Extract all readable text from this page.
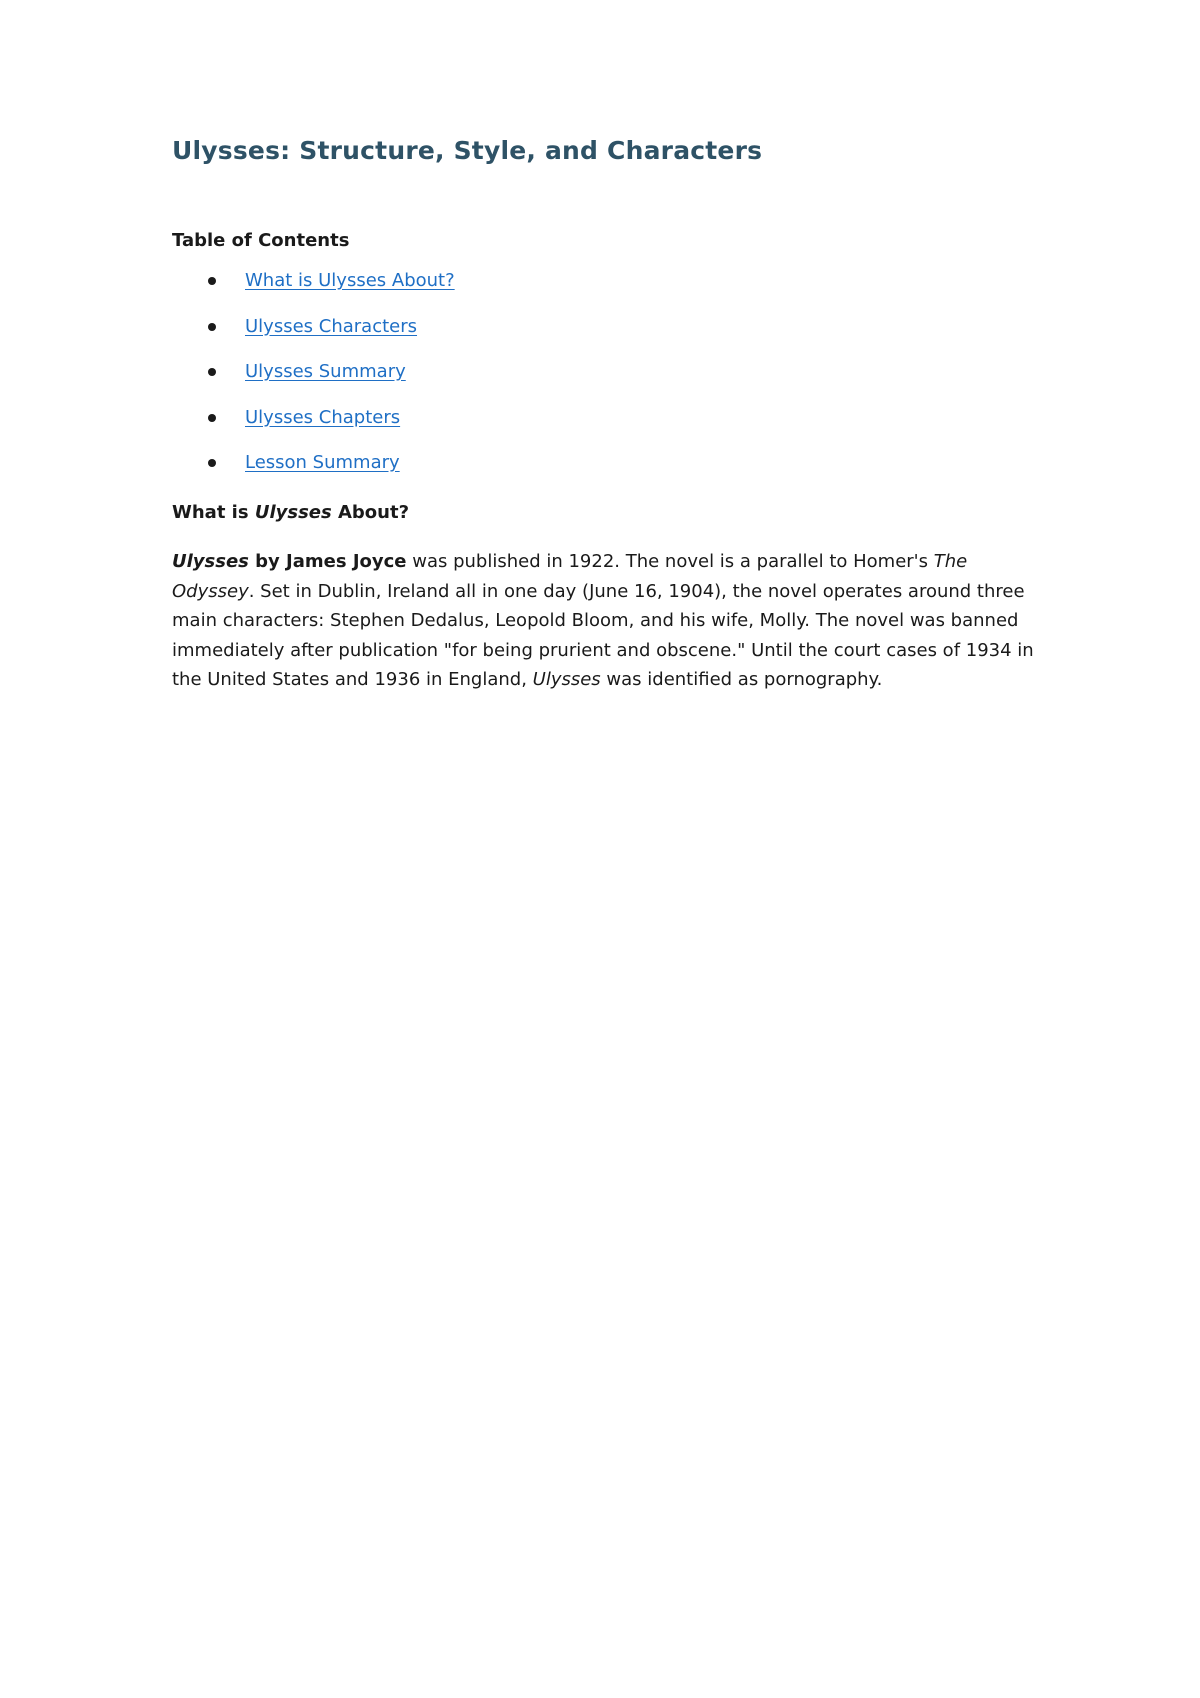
Ulysses: Structure, Style, and Characters
Table of Contents
What is Ulysses About?
Ulysses Characters
Ulysses Summary
Ulysses Chapters
Lesson Summary
What is Ulysses About?

Ulysses by James Joyce was published in 1922. The novel is a parallel to Homer's The Odyssey. Set in Dublin, Ireland all in one day (June 16, 1904), the novel operates around three main characters: Stephen Dedalus, Leopold Bloom, and his wife, Molly. The novel was banned immediately after publication "for being prurient and obscene." Until the court cases of 1934 in the United States and 1936 in England, Ulysses was identified as pornography.
